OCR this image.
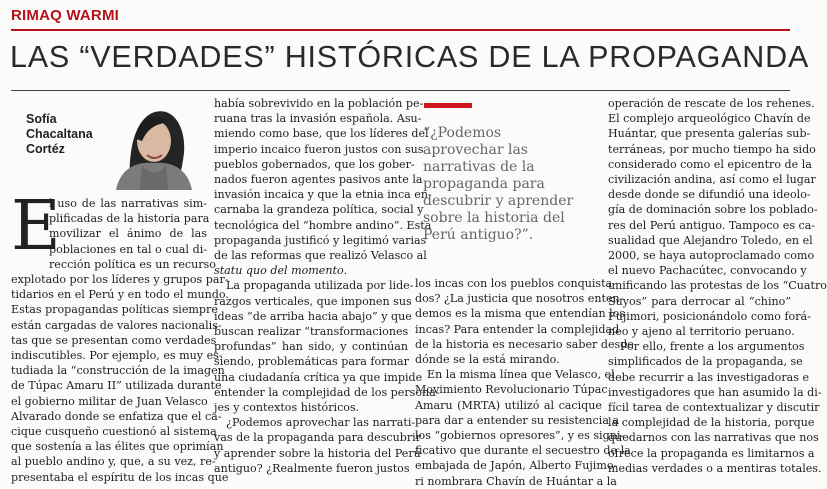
RIMAQ WARMI
LAS “VERDADES” HISTÓRICAS DE LA PROPAGANDA
Sofía
Chacaltana
Cortéz
E
l uso de las narrativas sim-
plificadas de la historia para
movilizar el ánimo de las
poblaciones en tal o cual di-
rección política es un recurso
explotado por los líderes y grupos par-
tidarios en el Perú y en todo el mundo.
Estas propagandas políticas siempre
están cargadas de valores nacionalis-
tas que se presentan como verdades
indiscutibles. Por ejemplo, es muy es-
tudiada la “construcción de la imagen
de Túpac Amaru II” utilizada durante
el gobierno militar de Juan Velasco
Alvarado donde se enfatiza que el ca-
cique cusqueño cuestionó al sistema
que sostenía a las élites que oprimían
al pueblo andino y, que, a su vez, re-
presentaba el espíritu de los incas que
había sobrevivido en la población pe-
ruana tras la invasión española. Asu-
miendo como base, que los líderes del
imperio incaico fueron justos con sus
pueblos gobernados, que los gober-
nados fueron agentes pasivos ante la
invasión incaica y que la etnia inca en-
carnaba la grandeza política, social y
tecnológica del “hombre andino”. Esta
propaganda justificó y legitimó varias
de las reformas que realizó Velasco al
statu quo del momento.
La propaganda utilizada por lide-
razgos verticales, que imponen sus
ideas “de arriba hacia abajo” y que
buscan realizar “transformaciones
profundas” han sido, y continúan
siendo, problemáticas para formar
una ciudadanía crítica ya que impide
entender la complejidad de los persona-
jes y contextos históricos.
¿Podemos aprovechar las narrati-
vas de la propaganda para descubrir
y aprender sobre la historia del Perú
antiguo? ¿Realmente fueron justos
“¿Podemos
aprovechar las
narrativas de la
propaganda para
descubrir y aprender
sobre la historia del
Perú antiguo?”.
los incas con los pueblos conquista-
dos? ¿La justicia que nosotros enten-
demos es la misma que entendían los
incas? Para entender la complejidad
de la historia es necesario saber desde
dónde se la está mirando.
En la misma línea que Velasco, el
Movimiento Revolucionario Túpac
Amaru (MRTA) utilizó al cacique
para dar a entender su resistencia a
los “gobiernos opresores”, y es signi-
ficativo que durante el secuestro de la
embajada de Japón, Alberto Fujimo-
ri nombrara Chavín de Huántar a la
operación de rescate de los rehenes.
El complejo arqueológico Chavín de
Huántar, que presenta galerías sub-
terráneas, por mucho tiempo ha sido
considerado como el epicentro de la
civilización andina, así como el lugar
desde donde se difundió una ideolo-
gía de dominación sobre los poblado-
res del Perú antiguo. Tampoco es ca-
sualidad que Alejandro Toledo, en el
2000, se haya autoproclamado como
el nuevo Pachacútec, convocando y
unificando las protestas de los “Cuatro
Suyos” para derrocar al “chino”
Fujimori, posicionándolo como forá-
neo y ajeno al territorio peruano.
Por ello, frente a los argumentos
simplificados de la propaganda, se
debe recurrir a las investigadoras e
investigadores que han asumido la di-
fícil tarea de contextualizar y discutir
la complejidad de la historia, porque
quedarnos con las narrativas que nos
ofrece la propaganda es limitarnos a
medias verdades o a mentiras totales.
